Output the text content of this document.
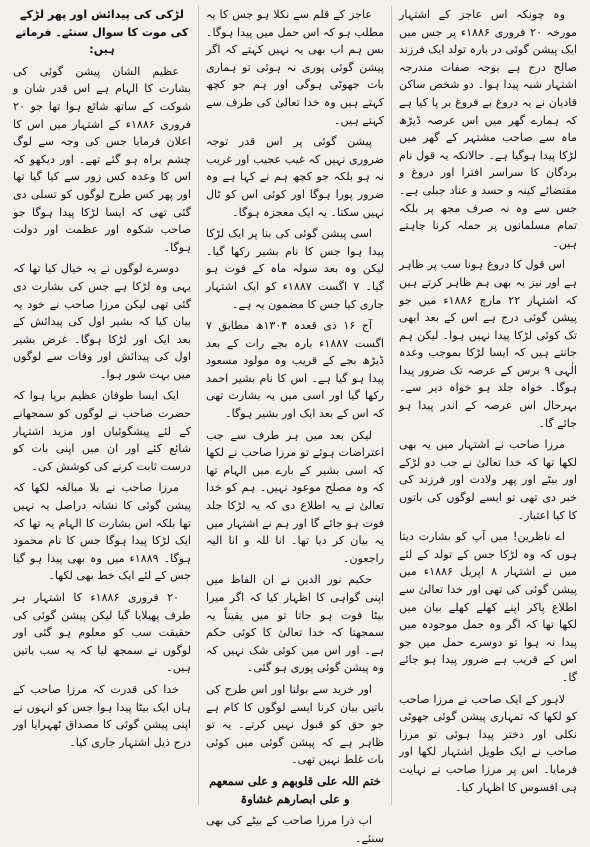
وہ چونکہ اس عاجز کے اشتہار مورخہ ۲۰ فروری ۱۸۸۶ء پر جس میں ایک پیشن گوئی در بارہ تولد ایک فرزند صالح درج ہے بوجہ صفات مندرجہ اشتہار شبہ پیدا ہوا۔ دو شخص ساکن قادیان نے یہ دروغ بے فروغ بر پا کیا ہے کہ ہمارے گھر میں اس عرصہ ڈیڑھ ماہ سے صاحب مشتہر کے گھر میں لڑکا پیدا ہوگیا ہے۔ حالانکہ یہ قول نام بردگان کا سراسر افترا اور دروغ و مقتضائے کینہ و حسد و عناد جبلی ہے۔ جس سے وہ نہ صرف مجھ پر بلکہ تمام مسلمانوں پر حملہ کرنا چاہتے ہیں۔

اس قول کا دروغ ہونا سب پر ظاہر ہے اور نیز یہ بھی ہم ظاہر کرتے ہیں کہ اشتہار ۲۲ مارچ ۱۸۸۶ء میں جو پیشن گوئی درج ہے اس کے بعد ابھی تک کوئی لڑکا پیدا نہیں ہوا۔ لیکن ہم جانتے ہیں کہ ایسا لڑکا بموجب وعدہ الٰہی ۹ برس کے عرصہ تک ضرور پیدا ہوگا۔ خواہ جلد ہو خواہ دیر سے۔ بہرحال اس عرصہ کے اندر پیدا ہو جائے گا۔

مرزا صاحب نے اشتہار میں یہ بھی لکھا تھا کہ خدا تعالیٰ نے جب دو لڑکے اور بیٹے اور پھر ولادت اور فرزند کی خبر دی تھی تو ایسے لوگوں کی باتوں کا کیا اعتبار۔

اے ناظرین! میں آپ کو بشارت دیتا ہوں کہ وہ لڑکا جس کے تولد کے لئے میں نے اشتہار ۸ اپریل ۱۸۸۶ء میں پیشن گوئی کی تھی اور خدا تعالیٰ سے اطلاع پاکر اپنے کھلے کھلے بیان میں لکھا تھا کہ اگر وہ حمل موجودہ میں پیدا نہ ہوا تو دوسرے حمل میں جو اس کے قریب ہے ضرور پیدا ہو جائے گا۔

لاہور کے ایک صاحب نے مرزا صاحب کو لکھا کہ تمہاری پیشن گوئی جھوٹی نکلی اور دختر پیدا ہوئی تو مرزا صاحب نے ایک طویل اشتہار لکھا اور فرمایا۔ اس پر مرزا صاحب نے نہایت ہی افسوس کا اظہار کیا۔

عاجز کے قلم سے نکلا ہو جس کا یہ مطلب ہو کہ اس حمل میں پیدا ہوگا۔ بس ہم اب بھی یہ نہیں کہتے کہ اگر پیشن گوئی پوری نہ ہوئی تو ہماری بات جھوٹی ہوگی اور ہم جو کچھ کہتے ہیں وہ خدا تعالیٰ کی طرف سے کہتے ہیں۔

پیشن گوئی پر اس قدر توجہ ضروری نہیں کہ غیب عجیب اور غریب نہ ہو بلکہ جو کچھ ہم نے کہا ہے وہ ضرور پورا ہوگا اور کوئی اس کو ٹال نہیں سکتا۔ یہ ایک معجزہ ہوگا۔

اسی پیشن گوئی کی بنا پر ایک لڑکا پیدا ہوا جس کا نام بشیر رکھا گیا۔ لیکن وہ بعد سولہ ماہ کے فوت ہو گیا۔ ۷ اگست ۱۸۸۷ء کو ایک اشتہار جاری کیا جس کا مضمون یہ ہے۔

آج ۱۶ ذی قعدہ ۱۳۰۴ھ مطابق ۷ اگست ۱۸۸۷ء بارہ بجے رات کے بعد ڈیڑھ بجے کے قریب وہ مولود مسعود پیدا ہو گیا ہے۔ اس کا نام بشیر احمد رکھا گیا اور اسی میں یہ بشارت تھی کہ اس کے بعد ایک اور بشیر ہوگا۔

لیکن بعد میں ہر طرف سے جب اعتراضات ہوئے تو مرزا صاحب نے لکھا کہ اسی بشیر کے بارے میں الہام تھا کہ وہ مصلح موعود نہیں۔ ہم کو خدا تعالیٰ نے یہ اطلاع دی کہ یہ لڑکا جلد فوت ہو جائے گا اور ہم نے اشتہار میں یہ بیان کر دیا تھا۔ انا للہ و انا الیہ راجعون۔

حکیم نور الدین نے ان الفاظ میں اپنی گواہی کا اظہار کیا کہ اگر میرا بیٹا فوت ہو جاتا تو میں یقیناً یہ سمجھتا کہ خدا تعالیٰ کا کوئی حکم ہے۔ اور اس میں کوئی شک نہیں کہ وہ پیشن گوئی پوری ہو گئی۔

اور خرید سے بولنا اور اس طرح کی باتیں بیان کرنا ایسے لوگوں کا کام ہے جو حق کو قبول نہیں کرتے۔ یہ تو ظاہر ہے کہ پیشن گوئی میں کوئی بات غلط نہیں تھی۔

ختم اللہ علی قلوبھم و علی سمعھم و علی ابصارھم غشاوۃ

اب ذرا مرزا صاحب کے بیٹے کی بھی سنئے۔

لڑکی کی پیدائش اور پھر لڑکے کی موت کا سوال سنئے۔ فرماتے ہیں:

عظیم الشان پیشن گوئی کی بشارت کا الہام ہے اس قدر شان و شوکت کے ساتھ شائع ہوا تھا جو ۲۰ فروری ۱۸۸۶ء کے اشتہار میں اس کا اعلان فرمایا جس کی وجہ سے لوگ چشم براہ ہو گئے تھے۔ اور دیکھو کہ اس کا وعدہ کس زور سے کیا گیا تھا اور پھر کس طرح لوگوں کو تسلی دی گئی تھی کہ ایسا لڑکا پیدا ہوگا جو صاحب شکوہ اور عظمت اور دولت ہوگا۔

دوسرے لوگوں نے یہ خیال کیا تھا کہ یہی وہ لڑکا ہے جس کی بشارت دی گئی تھی لیکن مرزا صاحب نے خود یہ بیان کیا کہ بشیر اول کی پیدائش کے بعد ایک اور لڑکا ہوگا۔ غرض بشیر اول کی پیدائش اور وفات سے لوگوں میں بہت شور ہوا۔

ایک ایسا طوفان عظیم برپا ہوا کہ حضرت صاحب نے لوگوں کو سمجھانے کے لئے پیشگوئیاں اور مزید اشتہار شائع کئے اور ان میں اپنی بات کو درست ثابت کرنے کی کوشش کی۔

مرزا صاحب نے بلا مبالغہ لکھا کہ پیشن گوئی کا نشانہ دراصل یہ نہیں تھا بلکہ اس بشارت کا الہام یہ تھا کہ ایک لڑکا پیدا ہوگا جس کا نام محمود ہوگا۔ ۱۸۸۹ء میں وہ بھی پیدا ہو گیا جس کے لئے ایک خط بھی لکھا۔

۲۰ فروری ۱۸۸۶ء کا اشتہار ہر طرف پھیلایا گیا لیکن پیشن گوئی کی حقیقت سب کو معلوم ہو گئی اور لوگوں نے سمجھ لیا کہ یہ سب باتیں ہیں۔

خدا کی قدرت کہ مرزا صاحب کے ہاں ایک بیٹا پیدا ہوا جس کو انہوں نے اپنی پیشن گوئی کا مصداق ٹھہرایا اور درج ذیل اشتہار جاری کیا۔
